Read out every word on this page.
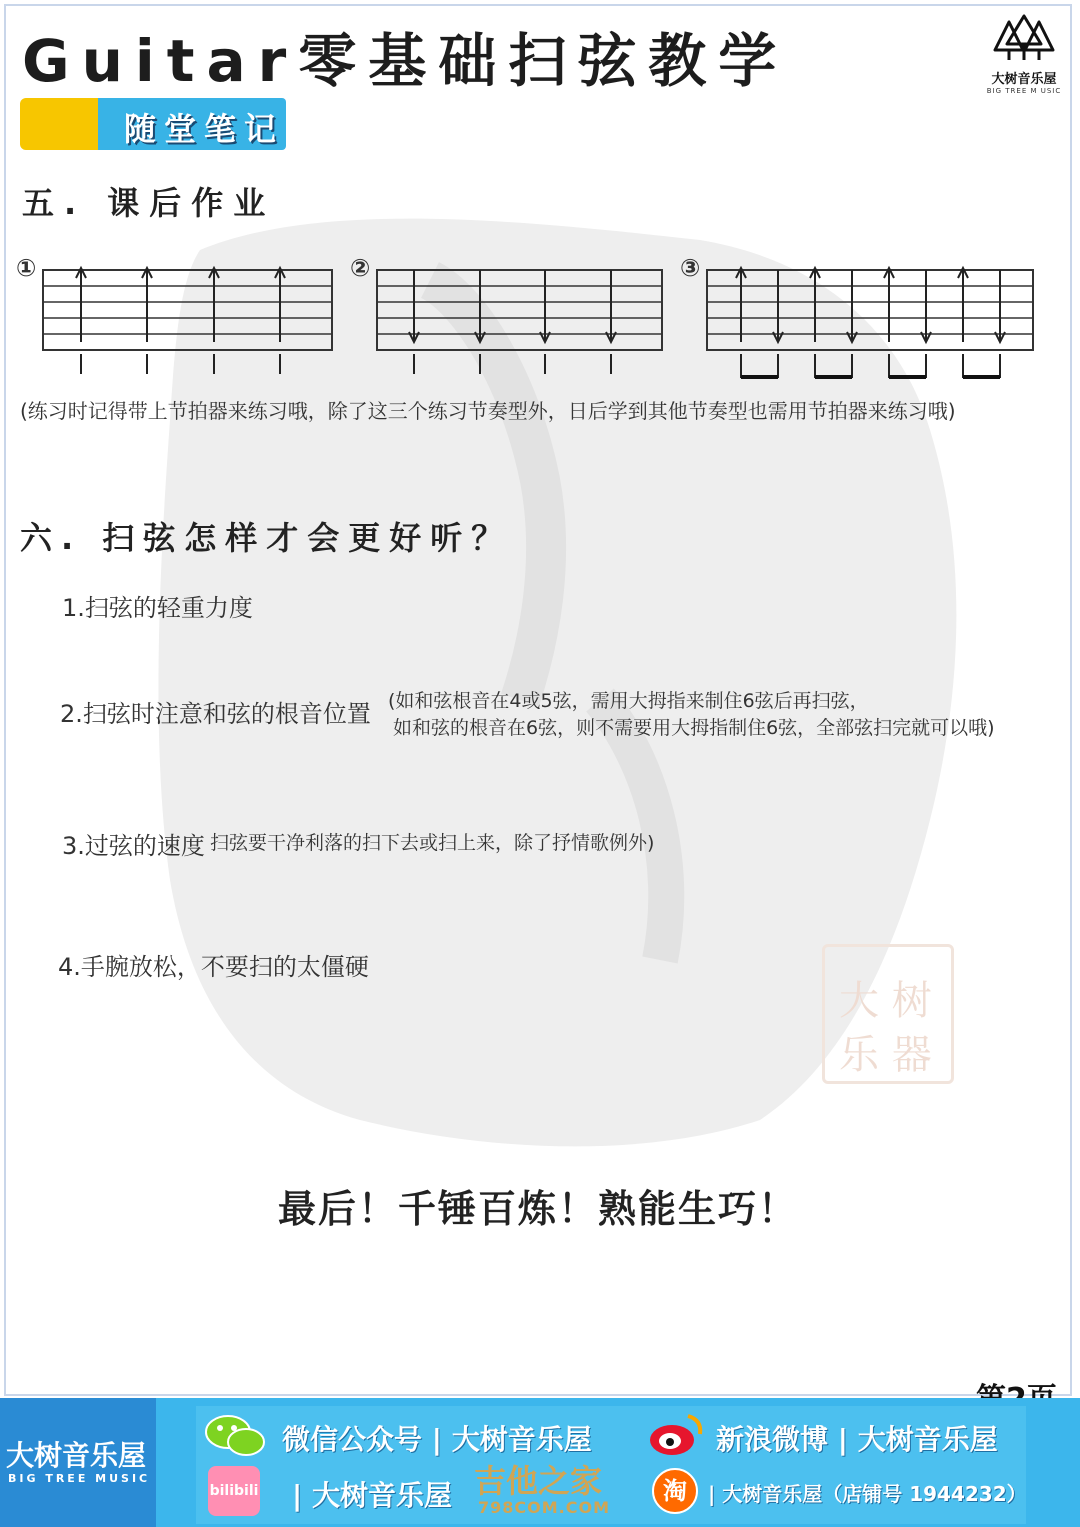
Guitar零基础扫弦教学	大树音乐屋
BIG TREE M USIC
随堂笔记
五. 课后作业
①	②	③
(练习时记得带上节拍器来练习哦，除了这三个练习节奏型外，日后学到其他节奏型也需用节拍器来练习哦)
六. 扫弦怎样才会更好听？
1.扫弦的轻重力度
2.扫弦时注意和弦的根音位置 (如和弦根音在4或5弦，需用大拇指来制住6弦后再扫弦，
如和弦的根音在6弦，则不需要用大拇指制住6弦，全部弦扫完就可以哦)
3.过弦的速度 扫弦要干净利落的扫下去或扫上来，除了抒情歌例外)
4.手腕放松，不要扫的太僵硬
大 树
乐 器
最后！千锤百炼！熟能生巧！
大树音乐屋
BIG TREE MUSIC
微信公众号 | 大树音乐屋	新浪微博 | 大树音乐屋
bilibili | 大树音乐屋	淘	| 大树音乐屋（店铺号 1944232）
吉他之家
798COM.COM
